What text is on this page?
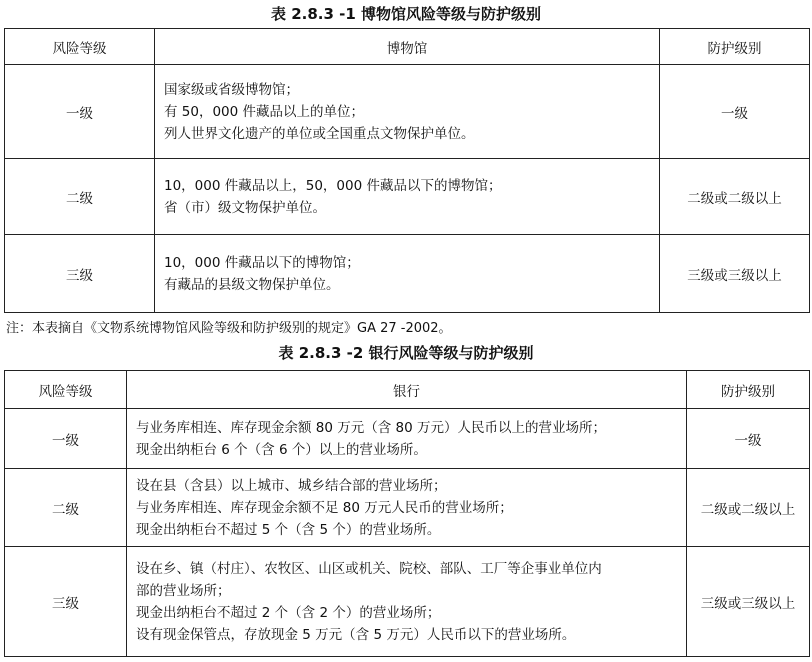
表 2.8.3 -1 博物馆风险等级与防护级别
风险等级	博物馆	防护级别
一级	国家级或省级博物馆；
有 50，000 件藏品以上的单位；
列人世界文化遗产的单位或全国重点文物保护单位。	一级
二级	10，000 件藏品以上，50，000 件藏品以下的博物馆；
省（市）级文物保护单位。	二级或二级以上
三级	10，000 件藏品以下的博物馆；
有藏品的县级文物保护单位。	三级或三级以上
注：本表摘自《文物系统博物馆风险等级和防护级别的规定》GA 27 -2002。
表 2.8.3 -2 银行风险等级与防护级别
风险等级	银行	防护级别
一级	与业务库相连、库存现金余额 80 万元（含 80 万元）人民币以上的营业场所；
现金出纳柜台 6 个（含 6 个）以上的营业场所。	一级
二级	设在县（含县）以上城市、城乡结合部的营业场所；
与业务库相连、库存现金余额不足 80 万元人民币的营业场所；
现金出纳柜台不超过 5 个（含 5 个）的营业场所。	二级或二级以上
三级	设在乡、镇（村庄）、农牧区、山区或机关、院校、部队、工厂等企事业单位内
部的营业场所；
现金出纳柜台不超过 2 个（含 2 个）的营业场所；
设有现金保管点，存放现金 5 万元（含 5 万元）人民币以下的营业场所。	三级或三级以上
